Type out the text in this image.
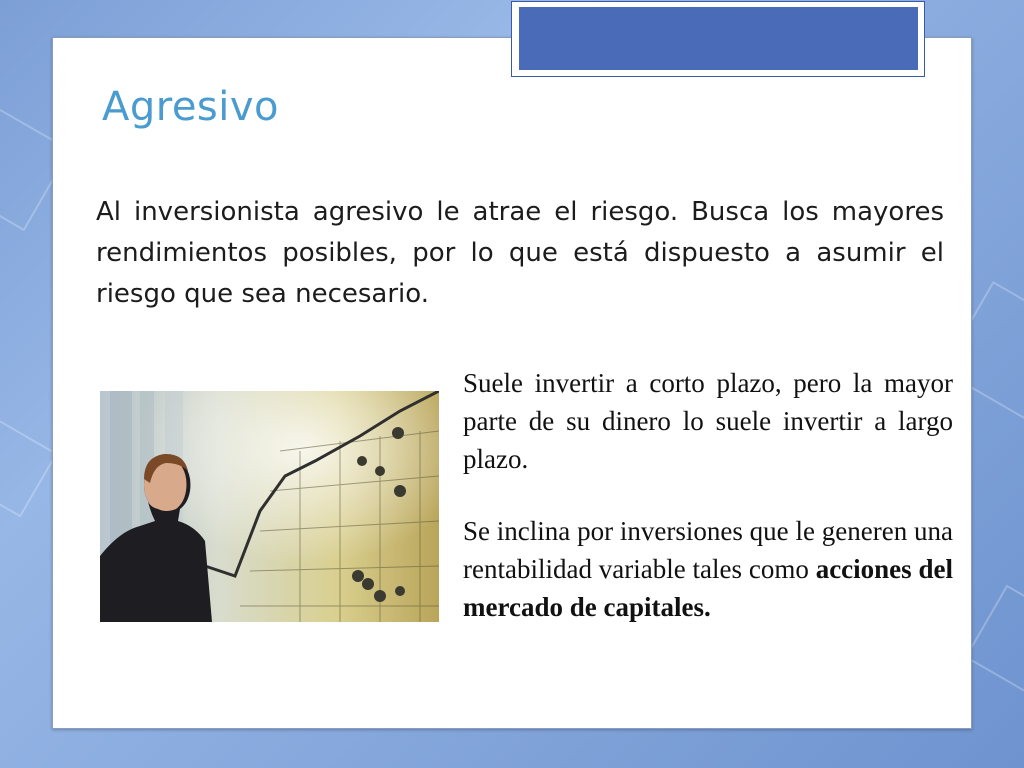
Agresivo

Al inversionista agresivo le atrae el riesgo. Busca los mayores rendimientos posibles, por lo que está dispuesto a asumir el riesgo que sea necesario.

Suele invertir a corto plazo, pero la mayor parte de su dinero lo suele invertir a largo plazo.

Se inclina por inversiones que le generen una rentabilidad variable tales como acciones del mercado de capitales.
